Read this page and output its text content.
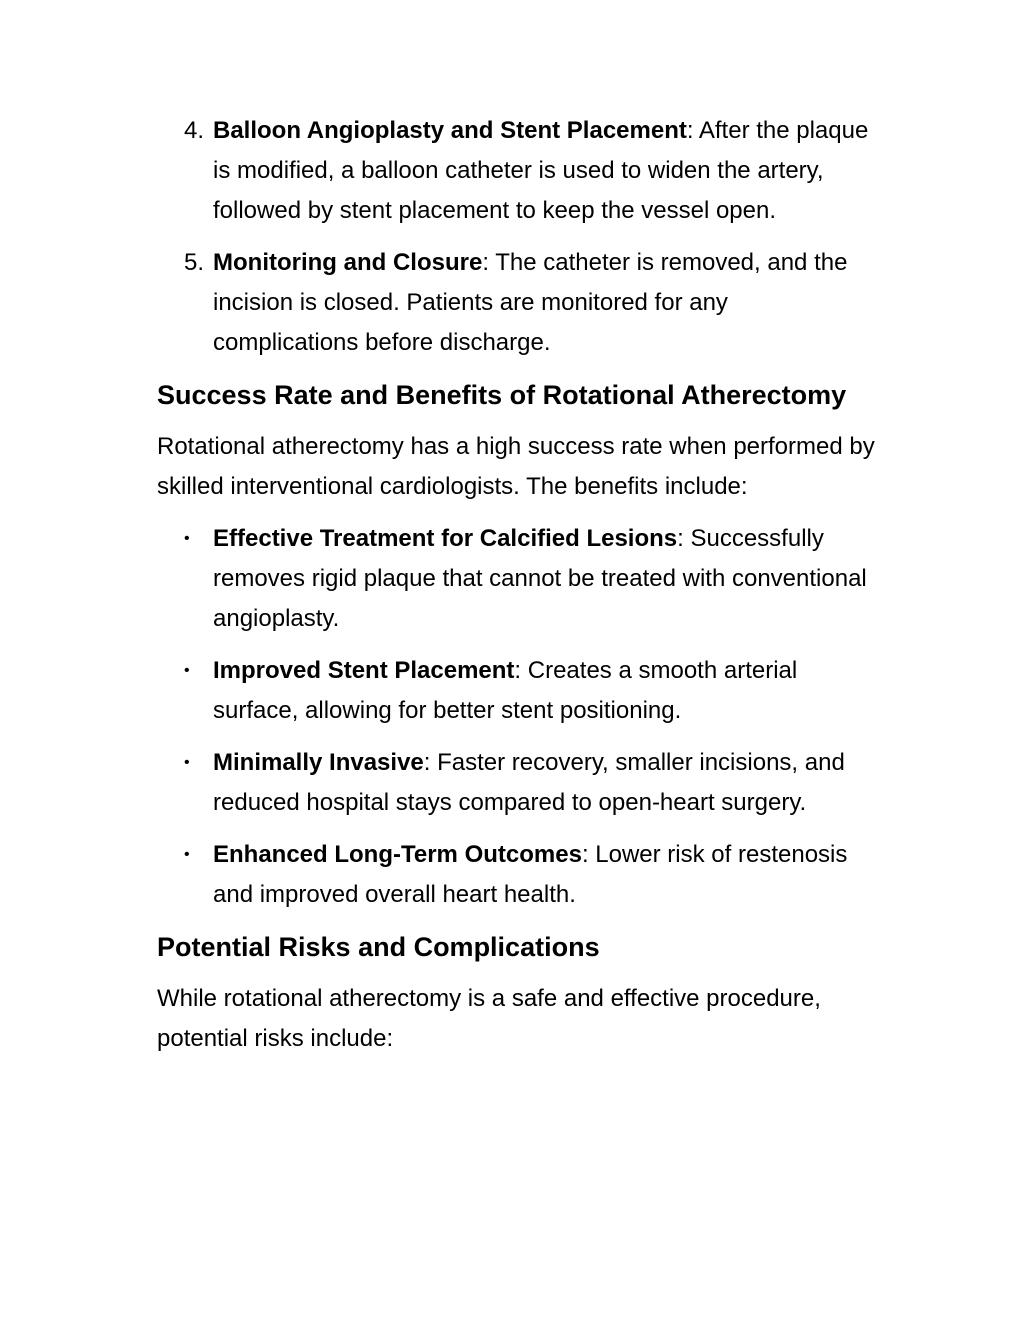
4. Balloon Angioplasty and Stent Placement: After the plaque is modified, a balloon catheter is used to widen the artery, followed by stent placement to keep the vessel open.
5. Monitoring and Closure: The catheter is removed, and the incision is closed. Patients are monitored for any complications before discharge.
Success Rate and Benefits of Rotational Atherectomy
Rotational atherectomy has a high success rate when performed by skilled interventional cardiologists. The benefits include:
• Effective Treatment for Calcified Lesions: Successfully removes rigid plaque that cannot be treated with conventional angioplasty.
• Improved Stent Placement: Creates a smooth arterial surface, allowing for better stent positioning.
• Minimally Invasive: Faster recovery, smaller incisions, and reduced hospital stays compared to open-heart surgery.
• Enhanced Long-Term Outcomes: Lower risk of restenosis and improved overall heart health.
Potential Risks and Complications
While rotational atherectomy is a safe and effective procedure, potential risks include:
